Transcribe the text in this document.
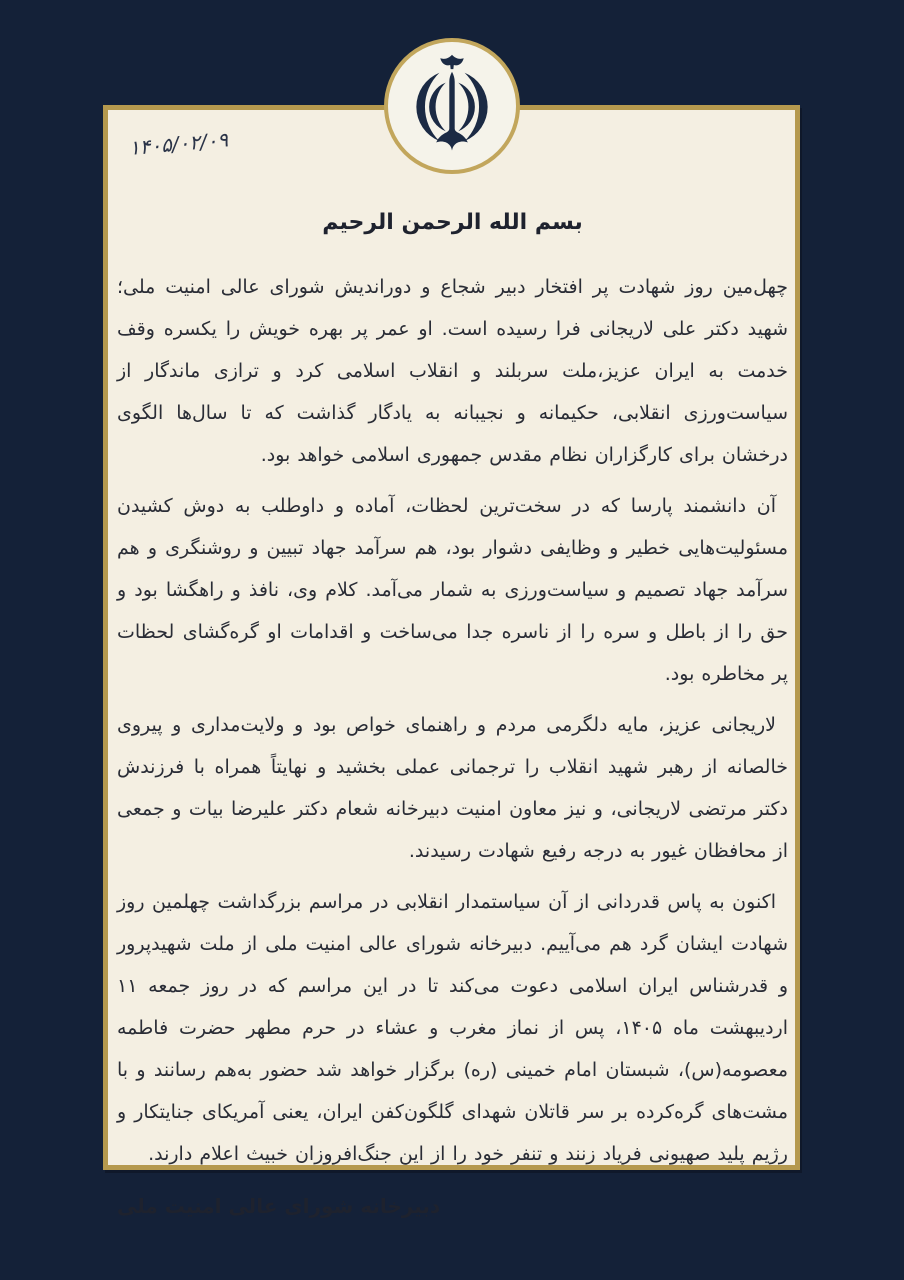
۱۴۰۵/۰۲/۰۹
بسم الله الرحمن الرحیم

چهل‌مین روز شهادت پر افتخار دبیر شجاع و دوراندیش شورای عالی امنیت ملی؛ شهید دکتر علی لاریجانی فرا رسیده است. او عمر پر بهره خویش را یکسره وقف خدمت به ایران عزیز،ملت سربلند و انقلاب اسلامی کرد و ترازی ماندگار از سیاست‌ورزی انقلابی، حکیمانه و نجیبانه به یادگار گذاشت که تا سال‌ها الگوی درخشان برای کارگزاران نظام مقدس جمهوری اسلامی خواهد بود.

آن دانشمند پارسا که در سخت‌ترین لحظات، آماده و داوطلب به دوش کشیدن مسئولیت‌هایی خطیر و وظایفی دشوار بود، هم سرآمد جهاد تبیین و روشنگری و هم سرآمد جهاد تصمیم و سیاست‌ورزی به شمار می‌آمد. کلام وی، نافذ و راهگشا بود و حق را از باطل و سره را از ناسره جدا می‌ساخت و اقدامات او گره‌گشای لحظات پر مخاطره بود.

لاریجانی عزیز، مایه دلگرمی مردم و راهنمای خواص بود و ولایت‌مداری و پیروی خالصانه از رهبر شهید انقلاب را ترجمانی عملی بخشید و نهایتاً همراه با فرزندش دکتر مرتضی لاریجانی، و نیز معاون امنیت دبیرخانه شعام دکتر علیرضا بیات و جمعی از محافظان غیور به درجه رفیع شهادت رسیدند.

اکنون به پاس قدردانی از آن سیاستمدار انقلابی در مراسم بزرگداشت چهلمین روز شهادت ایشان گرد هم می‌آییم. دبیرخانه شورای عالی امنیت ملی از ملت شهیدپرور و قدرشناس ایران اسلامی دعوت می‌کند تا در این مراسم که در روز جمعه ۱۱ اردیبهشت ماه ۱۴۰۵، پس از نماز مغرب و عشاء در حرم مطهر حضرت فاطمه معصومه(س)، شبستان امام خمینی (ره) برگزار خواهد شد حضور به‌هم رسانند و با مشت‌های گره‌کرده بر سر قاتلان شهدای گلگون‌کفن ایران، یعنی آمریکای جنایتکار و رژیم پلید صهیونی فریاد زنند و تنفر خود را از این جنگ‌افروزان خبیث اعلام دارند.

دبیرخانه شورای عالی امنیت ملی
